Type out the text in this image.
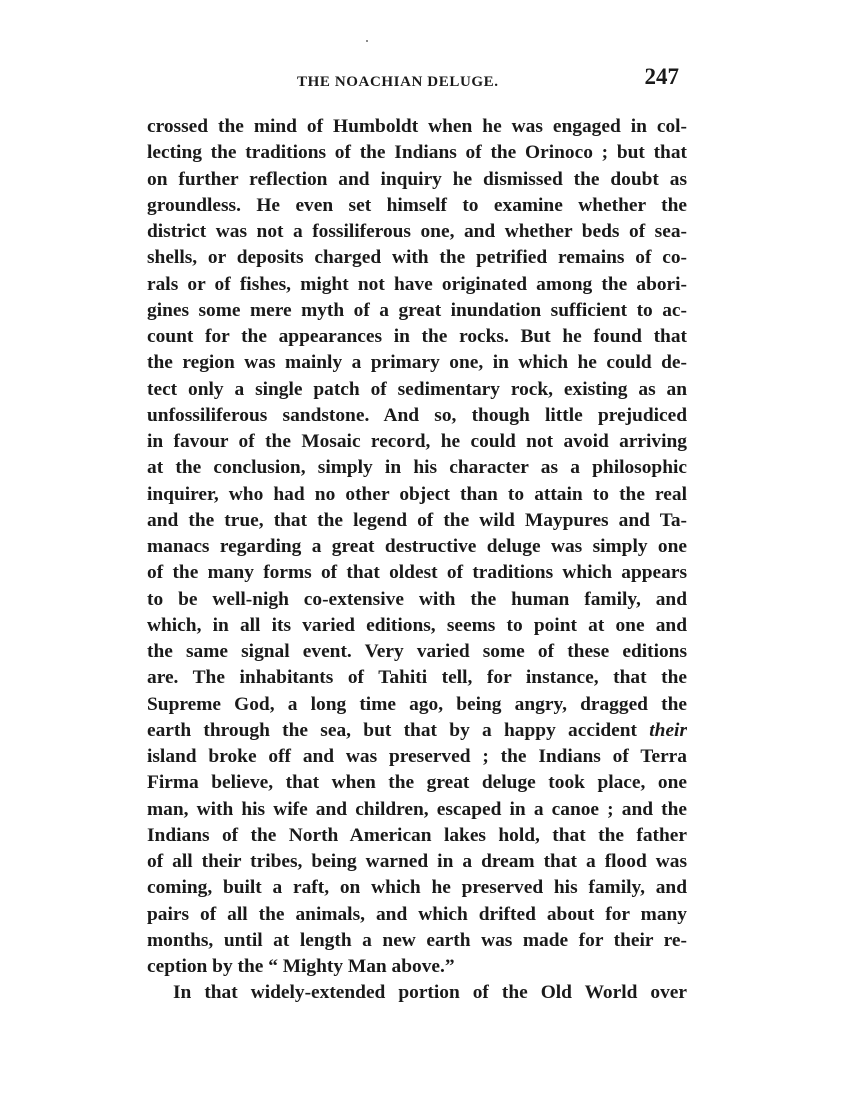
THE NOACHIAN DELUGE.	247
crossed the mind of Humboldt when he was engaged in col-
lecting the traditions of the Indians of the Orinoco ; but that
on further reflection and inquiry he dismissed the doubt as
groundless. He even set himself to examine whether the
district was not a fossiliferous one, and whether beds of sea-
shells, or deposits charged with the petrified remains of co-
rals or of fishes, might not have originated among the abori-
gines some mere myth of a great inundation sufficient to ac-
count for the appearances in the rocks. But he found that
the region was mainly a primary one, in which he could de-
tect only a single patch of sedimentary rock, existing as an
unfossiliferous sandstone. And so, though little prejudiced
in favour of the Mosaic record, he could not avoid arriving
at the conclusion, simply in his character as a philosophic
inquirer, who had no other object than to attain to the real
and the true, that the legend of the wild Maypures and Ta-
manacs regarding a great destructive deluge was simply one
of the many forms of that oldest of traditions which appears
to be well-nigh co-extensive with the human family, and
which, in all its varied editions, seems to point at one and
the same signal event. Very varied some of these editions
are. The inhabitants of Tahiti tell, for instance, that the
Supreme God, a long time ago, being angry, dragged the
earth through the sea, but that by a happy accident their
island broke off and was preserved ; the Indians of Terra
Firma believe, that when the great deluge took place, one
man, with his wife and children, escaped in a canoe ; and the
Indians of the North American lakes hold, that the father
of all their tribes, being warned in a dream that a flood was
coming, built a raft, on which he preserved his family, and
pairs of all the animals, and which drifted about for many
months, until at length a new earth was made for their re-
ception by the “ Mighty Man above.”
In that widely-extended portion of the Old World over
